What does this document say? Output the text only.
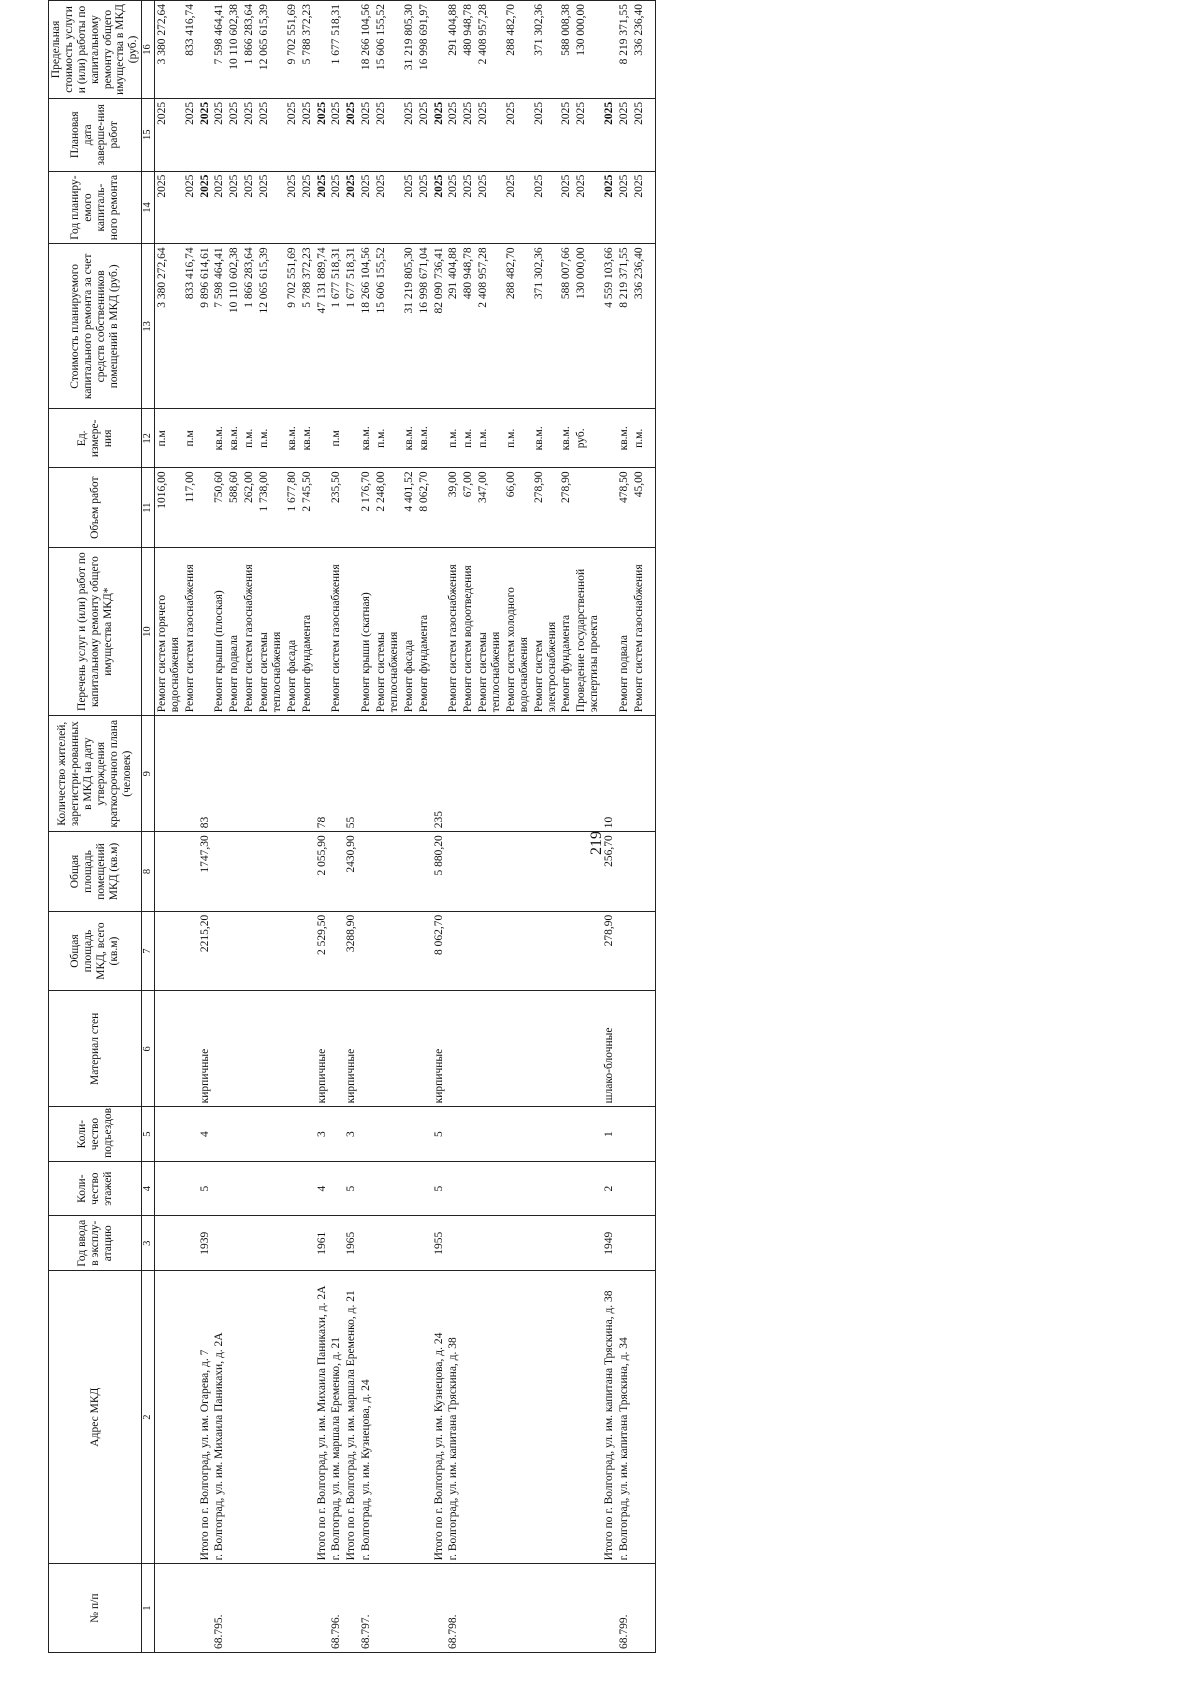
219
№ п/п	Адрес МКД	Год ввода в эксплу-атацию	Коли-чество этажей	Коли-чество подъездов	Материал стен	Общая площадь МКД, всего (кв.м)	Общая площадь помещений МКД (кв.м)	Количество жителей, зарегистри-рованных в МКД на дату утверждения краткосрочного плана (человек)	Перечень услуг и (или) работ по капитальному ремонту общего имущества МКД*	Объем работ	Ед. измере-ния	Стоимость планируемого капитального ремонта за счет средств собственников помещений в МКД (руб.)	Год планиру-емого капиталь-ного ремонта	Плановая дата заверше-ния работ	Предельная стоимость услуги и (или) работы по капитальному ремонту общего имущества в МКД (руб.)
1	2	3	4	5	6	7	8	9	10	11	12	13	14	15	16
									Ремонт систем горячего водоснабжения	1016,00	п.м	3 380 272,64	2025	2025	3 380 272,64
									Ремонт систем газоснабжения	117,00	п.м	833 416,74	2025	2025	833 416,74
	Итого по г. Волгоград, ул. им. Огарева, д. 7	1939	5	4	кирпичные	2215,20	1747,30	83				9 896 614,61	2025	2025	
68.795.	г. Волгоград, ул. им. Михаила Паникахи, д. 2А								Ремонт крыши (плоская)	750,60	кв.м.	7 598 464,41	2025	2025	7 598 464,41
									Ремонт подвала	588,60	кв.м.	10 110 602,38	2025	2025	10 110 602,38
									Ремонт систем газоснабжения	262,00	п.м.	1 866 283,64	2025	2025	1 866 283,64
									Ремонт системы теплоснабжения	1 738,00	п.м.	12 065 615,39	2025	2025	12 065 615,39
									Ремонт фасада	1 677,80	кв.м.	9 702 551,69	2025	2025	9 702 551,69
									Ремонт фундамента	2 745,50	кв.м.	5 788 372,23	2025	2025	5 788 372,23
	Итого по г. Волгоград, ул. им. Михаила Паникахи, д. 2А	1961	4	3	кирпичные	2 529,50	2 055,90	78				47 131 889,74	2025	2025	
68.796.	г. Волгоград, ул. им. маршала Еременко, д. 21								Ремонт систем газоснабжения	235,50	п.м	1 677 518,31	2025	2025	1 677 518,31
	Итого по г. Волгоград, ул. им. маршала Еременко, д. 21	1965	5	3	кирпичные	3288,90	2430,90	55				1 677 518,31	2025	2025	
68.797.	г. Волгоград, ул. им. Кузнецова, д. 24								Ремонт крыши (скатная)	2 176,70	кв.м.	18 266 104,56	2025	2025	18 266 104,56
									Ремонт системы теплоснабжения	2 248,00	п.м.	15 606 155,52	2025	2025	15 606 155,52
									Ремонт фасада	4 401,52	кв.м.	31 219 805,30	2025	2025	31 219 805,30
									Ремонт фундамента	8 062,70	кв.м.	16 998 671,04	2025	2025	16 998 691,97
	Итого по г. Волгоград, ул. им. Кузнецова, д. 24	1955	5	5	кирпичные	8 062,70	5 880,20	235				82 090 736,41	2025	2025	
68.798.	г. Волгоград, ул. им. капитана Тряскина, д. 38								Ремонт систем газоснабжения	39,00	п.м.	291 404,88	2025	2025	291 404,88
									Ремонт систем водоотведения	67,00	п.м.	480 948,78	2025	2025	480 948,78
									Ремонт системы теплоснабжения	347,00	п.м.	2 408 957,28	2025	2025	2 408 957,28
									Ремонт систем холодного водоснабжения	66,00	п.м.	288 482,70	2025	2025	288 482,70
									Ремонт систем электроснабжения	278,90	кв.м.	371 302,36	2025	2025	371 302,36
									Ремонт фундамента	278,90	кв.м.	588 007,66	2025	2025	588 008,38
									Проведение государственной экспертизы проекта		руб.	130 000,00	2025	2025	130 000,00
	Итого по г. Волгоград, ул. им. капитана Тряскина, д. 38	1949	2	1	шлако-блочные	278,90	256,70	10				4 559 103,66	2025	2025	
68.799.	г. Волгоград, ул. им. капитана Тряскина, д. 34								Ремонт подвала	478,50	кв.м.	8 219 371,55	2025	2025	8 219 371,55
									Ремонт систем газоснабжения	45,00	п.м.	336 236,40	2025	2025	336 236,40
